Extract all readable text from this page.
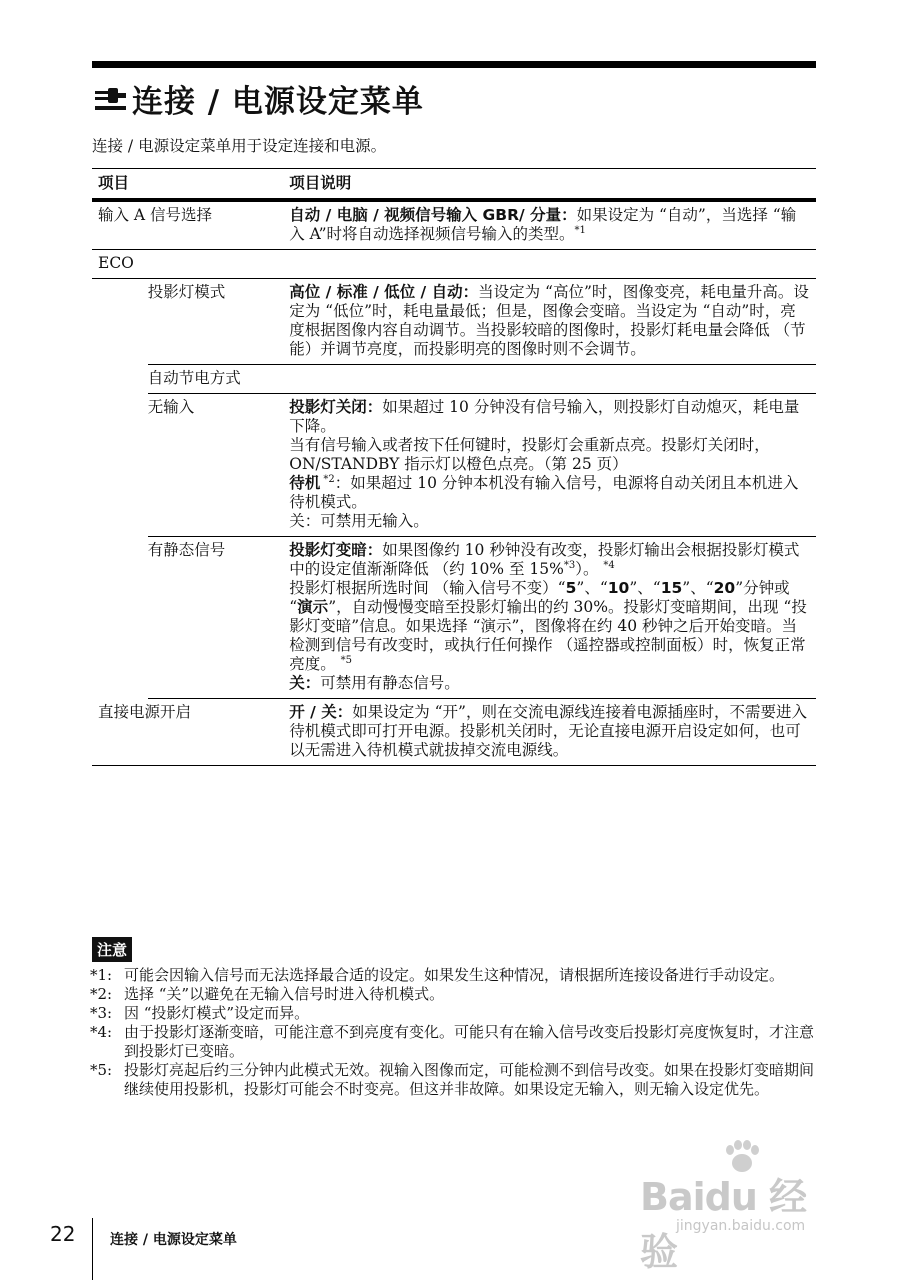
连接 / 电源设定菜单
连接 / 电源设定菜单用于设定连接和电源。
项目		项目说明
输入 A 信号选择		自动 / 电脑 / 视频信号输入 GBR/ 分量：如果设定为 “自动”，当选择 “输入 A”时将自动选择视频信号输入的类型。$^{*1}$
ECO		
	投影灯模式	高位 / 标准 / 低位 / 自动：当设定为 “高位”时，图像变亮，耗电量升高。设定为 “低位”时，耗电量最低；但是，图像会变暗。当设定为 “自动”时，亮度根据图像内容自动调节。当投影较暗的图像时，投影灯耗电量会降低 （节能）并调节亮度，而投影明亮的图像时则不会调节。
	自动节电方式	
	无输入	投影灯关闭：如果超过 10 分钟没有信号输入，则投影灯自动熄灭，耗电量下降。
当有信号输入或者按下任何键时，投影灯会重新点亮。投影灯关闭时，ON/STANDBY 指示灯以橙色点亮。（第 25 页）
待机 $^{*2}$：如果超过 10 分钟本机没有输入信号，电源将自动关闭且本机进入待机模式。
关：可禁用无输入。

	有静态信号	投影灯变暗：如果图像约 10 秒钟没有改变，投影灯输出会根据投影灯模式中的设定值渐渐降低 （约 10% 至 15%$^{*3}$）。 $^{*4}$
投影灯根据所选时间 （输入信号不变）“5”、“10”、“15”、“20”分钟或 “演示”，自动慢慢变暗至投影灯输出的约 30%。投影灯变暗期间，出现 “投影灯变暗”信息。如果选择 “演示”，图像将在约 40 秒钟之后开始变暗。当检测到信号有改变时，或执行任何操作 （遥控器或控制面板）时，恢复正常亮度。 $^{*5}$
关：可禁用有静态信号。

直接电源开启		开 / 关：如果设定为 “开”，则在交流电源线连接着电源插座时，不需要进入待机模式即可打开电源。投影机关闭时，无论直接电源开启设定如何，也可以无需进入待机模式就拔掉交流电源线。
注意
*1: 可能会因输入信号而无法选择最合适的设定。如果发生这种情况，请根据所连接设备进行手动设定。
*2: 选择 “关”以避免在无输入信号时进入待机模式。
*3: 因 “投影灯模式”设定而异。
*4: 由于投影灯逐渐变暗，可能注意不到亮度有变化。可能只有在输入信号改变后投影灯亮度恢复时，才注意到投影灯已变暗。
*5: 投影灯亮起后约三分钟内此模式无效。视输入图像而定，可能检测不到信号改变。如果在投影灯变暗期间继续使用投影机，投影灯可能会不时变亮。但这并非故障。如果设定无输入，则无输入设定优先。
22 连接 / 电源设定菜单
Baidu 经验
jingyan.baidu.com
